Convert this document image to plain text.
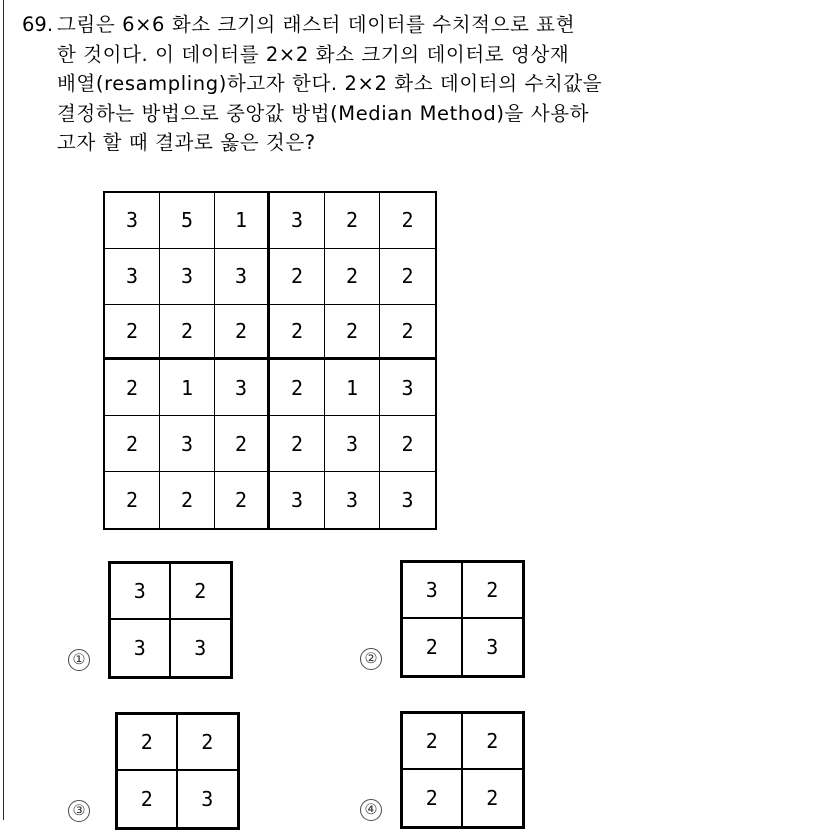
69. 그림은 6×6 화소 크기의 래스터 데이터를 수치적으로 표현
한 것이다. 이 데이터를 2×2 화소 크기의 데이터로 영상재
배열(resampling)하고자 한다. 2×2 화소 데이터의 수치값을
결정하는 방법으로 중앙값 방법(Median Method)을 사용하
고자 할 때 결과로 옳은 것은?
3	5	1	3	2	2
3	3	3	2	2	2
2	2	2	2	2	2
2	1	3	2	1	3
2	3	2	2	3	2
2	2	2	3	3	3
①
3	2
3	3	②
3	2
2	3
③
2	2
2	3	④
2	2
2	2
